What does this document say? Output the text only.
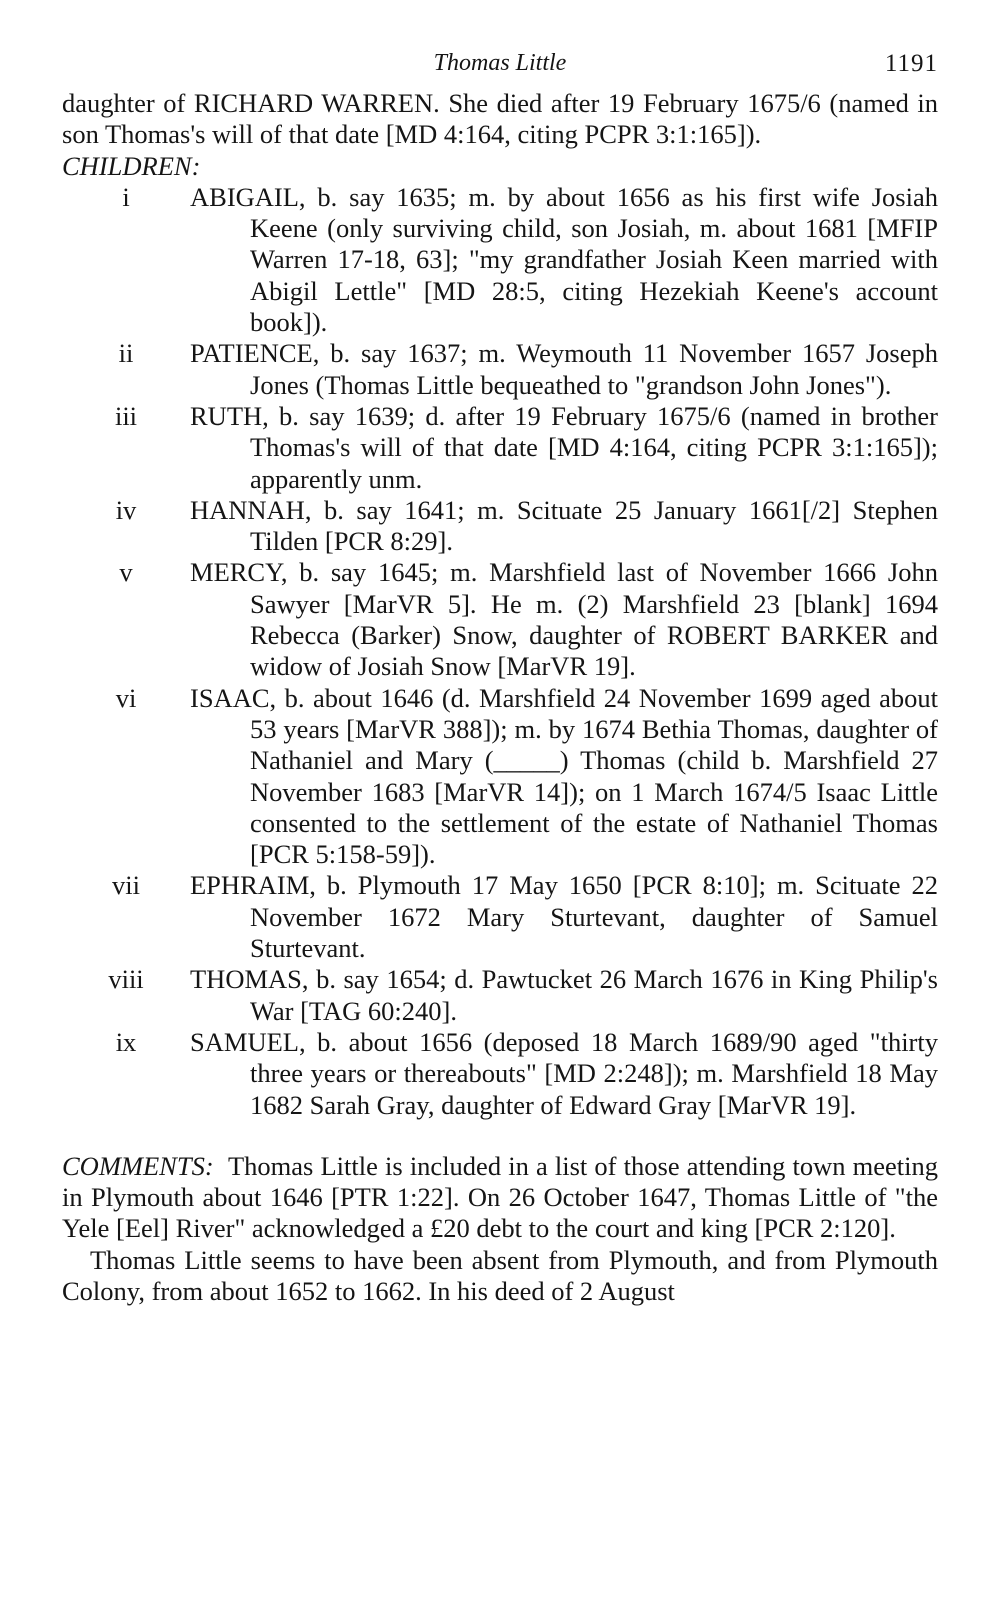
Thomas Little	1191

daughter of RICHARD WARREN. She died after 19 February 1675/6 (named in son Thomas's will of that date [MD 4:164, citing PCPR 3:1:165]).

CHILDREN:
i	ABIGAIL, b. say 1635; m. by about 1656 as his first wife Josiah Keene (only surviving child, son Josiah, m. about 1681 [MFIP Warren 17-18, 63]; "my grandfather Josiah Keen married with Abigil Lettle" [MD 28:5, citing Hezekiah Keene's account book]).
ii	PATIENCE, b. say 1637; m. Weymouth 11 November 1657 Joseph Jones (Thomas Little bequeathed to "grandson John Jones").
iii	RUTH, b. say 1639; d. after 19 February 1675/6 (named in brother Thomas's will of that date [MD 4:164, citing PCPR 3:1:165]); apparently unm.
iv	HANNAH, b. say 1641; m. Scituate 25 January 1661[/2] Stephen Tilden [PCR 8:29].
v	MERCY, b. say 1645; m. Marshfield last of November 1666 John Sawyer [MarVR 5]. He m. (2) Marshfield 23 [blank] 1694 Rebecca (Barker) Snow, daughter of ROBERT BARKER and widow of Josiah Snow [MarVR 19].
vi	ISAAC, b. about 1646 (d. Marshfield 24 November 1699 aged about 53 years [MarVR 388]); m. by 1674 Bethia Thomas, daughter of Nathaniel and Mary (_____) Thomas (child b. Marshfield 27 November 1683 [MarVR 14]); on 1 March 1674/5 Isaac Little consented to the settlement of the estate of Nathaniel Thomas [PCR 5:158-59]).
vii	EPHRAIM, b. Plymouth 17 May 1650 [PCR 8:10]; m. Scituate 22 November 1672 Mary Sturtevant, daughter of Samuel Sturtevant.
viii	THOMAS, b. say 1654; d. Pawtucket 26 March 1676 in King Philip's War [TAG 60:240].
ix	SAMUEL, b. about 1656 (deposed 18 March 1689/90 aged "thirty three years or thereabouts" [MD 2:248]); m. Marshfield 18 May 1682 Sarah Gray, daughter of Edward Gray [MarVR 19].

COMMENTS: Thomas Little is included in a list of those attending town meeting in Plymouth about 1646 [PTR 1:22]. On 26 October 1647, Thomas Little of "the Yele [Eel] River" acknowledged a £20 debt to the court and king [PCR 2:120].

Thomas Little seems to have been absent from Plymouth, and from Plymouth Colony, from about 1652 to 1662. In his deed of 2 August
